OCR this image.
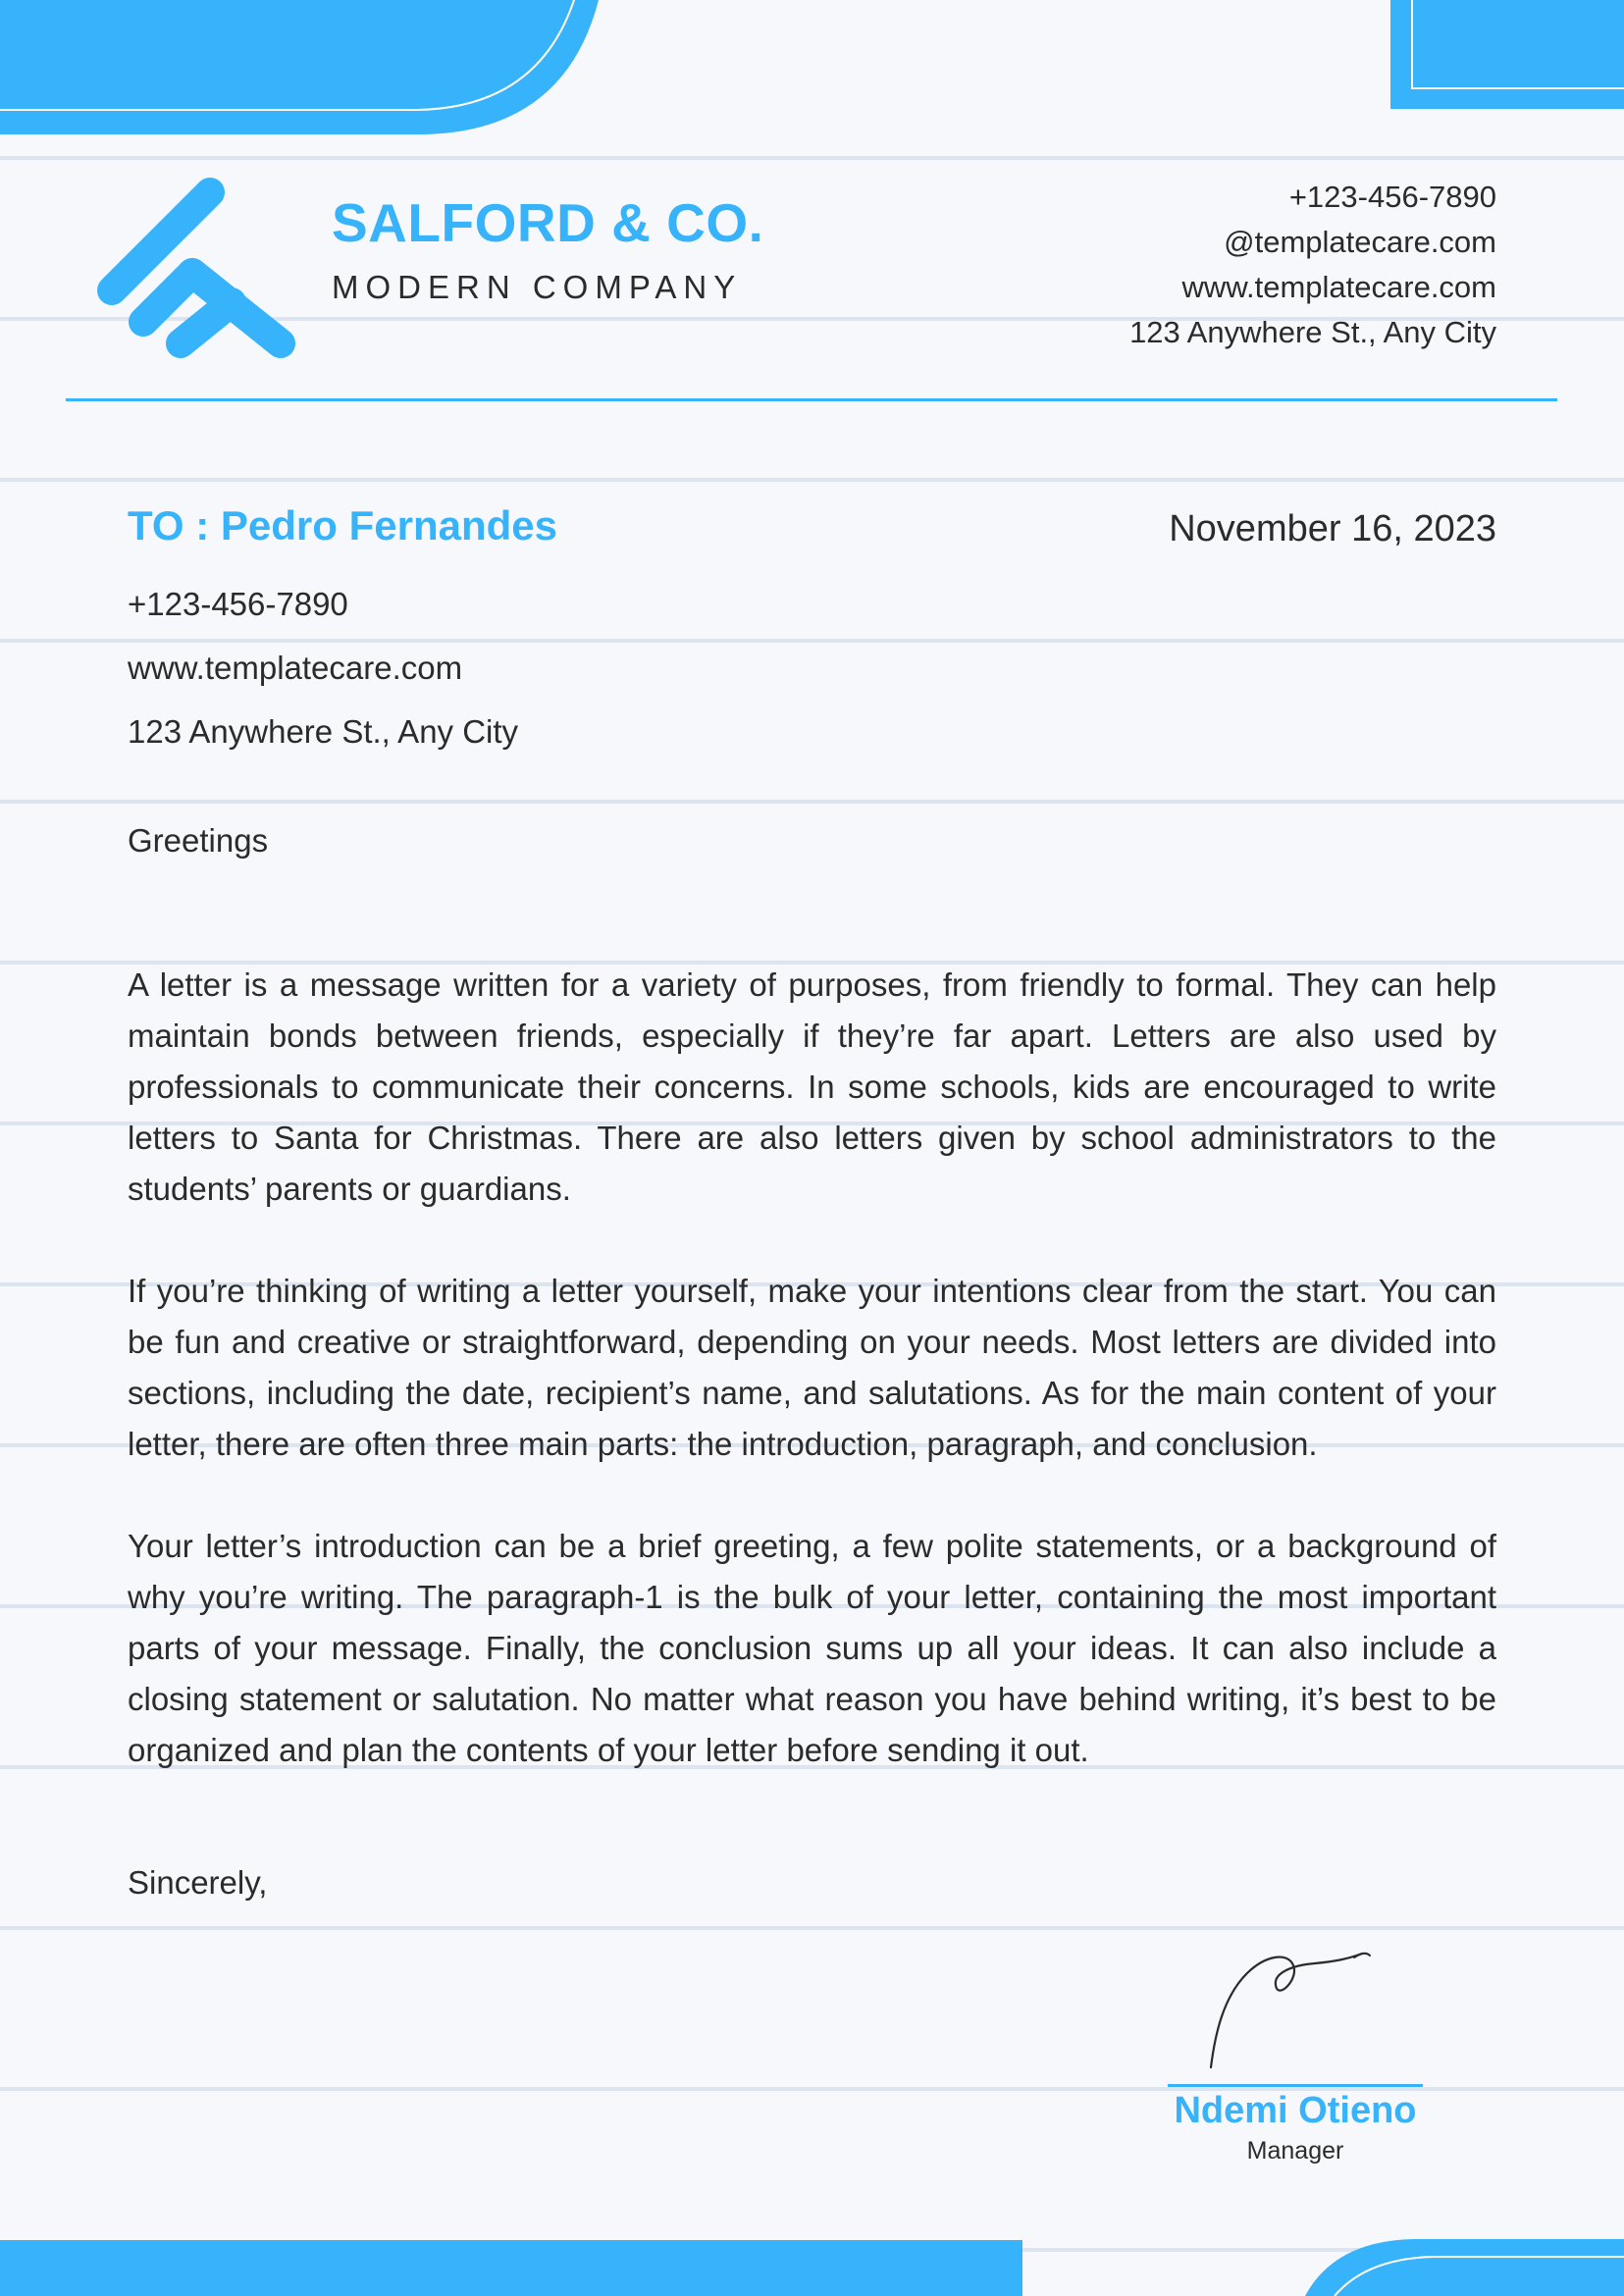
SALFORD & CO.
MODERN COMPANY
+123-456-7890
@templatecare.com
www.templatecare.com
123 Anywhere St., Any City
TO : Pedro Fernandes	November 16, 2023
+123-456-7890
www.templatecare.com
123 Anywhere St., Any City
Greetings

A letter is a message written for a variety of purposes, from friendly to formal. They can help maintain bonds between friends, especially if they’re far apart. Letters are also used by professionals to communicate their concerns. In some schools, kids are encouraged to write letters to Santa for Christmas. There are also letters given by school administrators to the students’ parents or guardians.

If you’re thinking of writing a letter yourself, make your intentions clear from the start. You can be fun and creative or straightforward, depending on your needs. Most letters are divided into sections, including the date, recipient’s name, and salutations. As for the main content of your letter, there are often three main parts: the introduction, paragraph, and conclusion.

Your letter’s introduction can be a brief greeting, a few polite statements, or a background of why you’re writing. The paragraph-1 is the bulk of your letter, containing the most important parts of your message. Finally, the conclusion sums up all your ideas. It can also include a closing statement or salutation. No matter what reason you have behind writing, it’s best to be organized and plan the contents of your letter before sending it out.

Sincerely,
Ndemi Otieno
Manager
